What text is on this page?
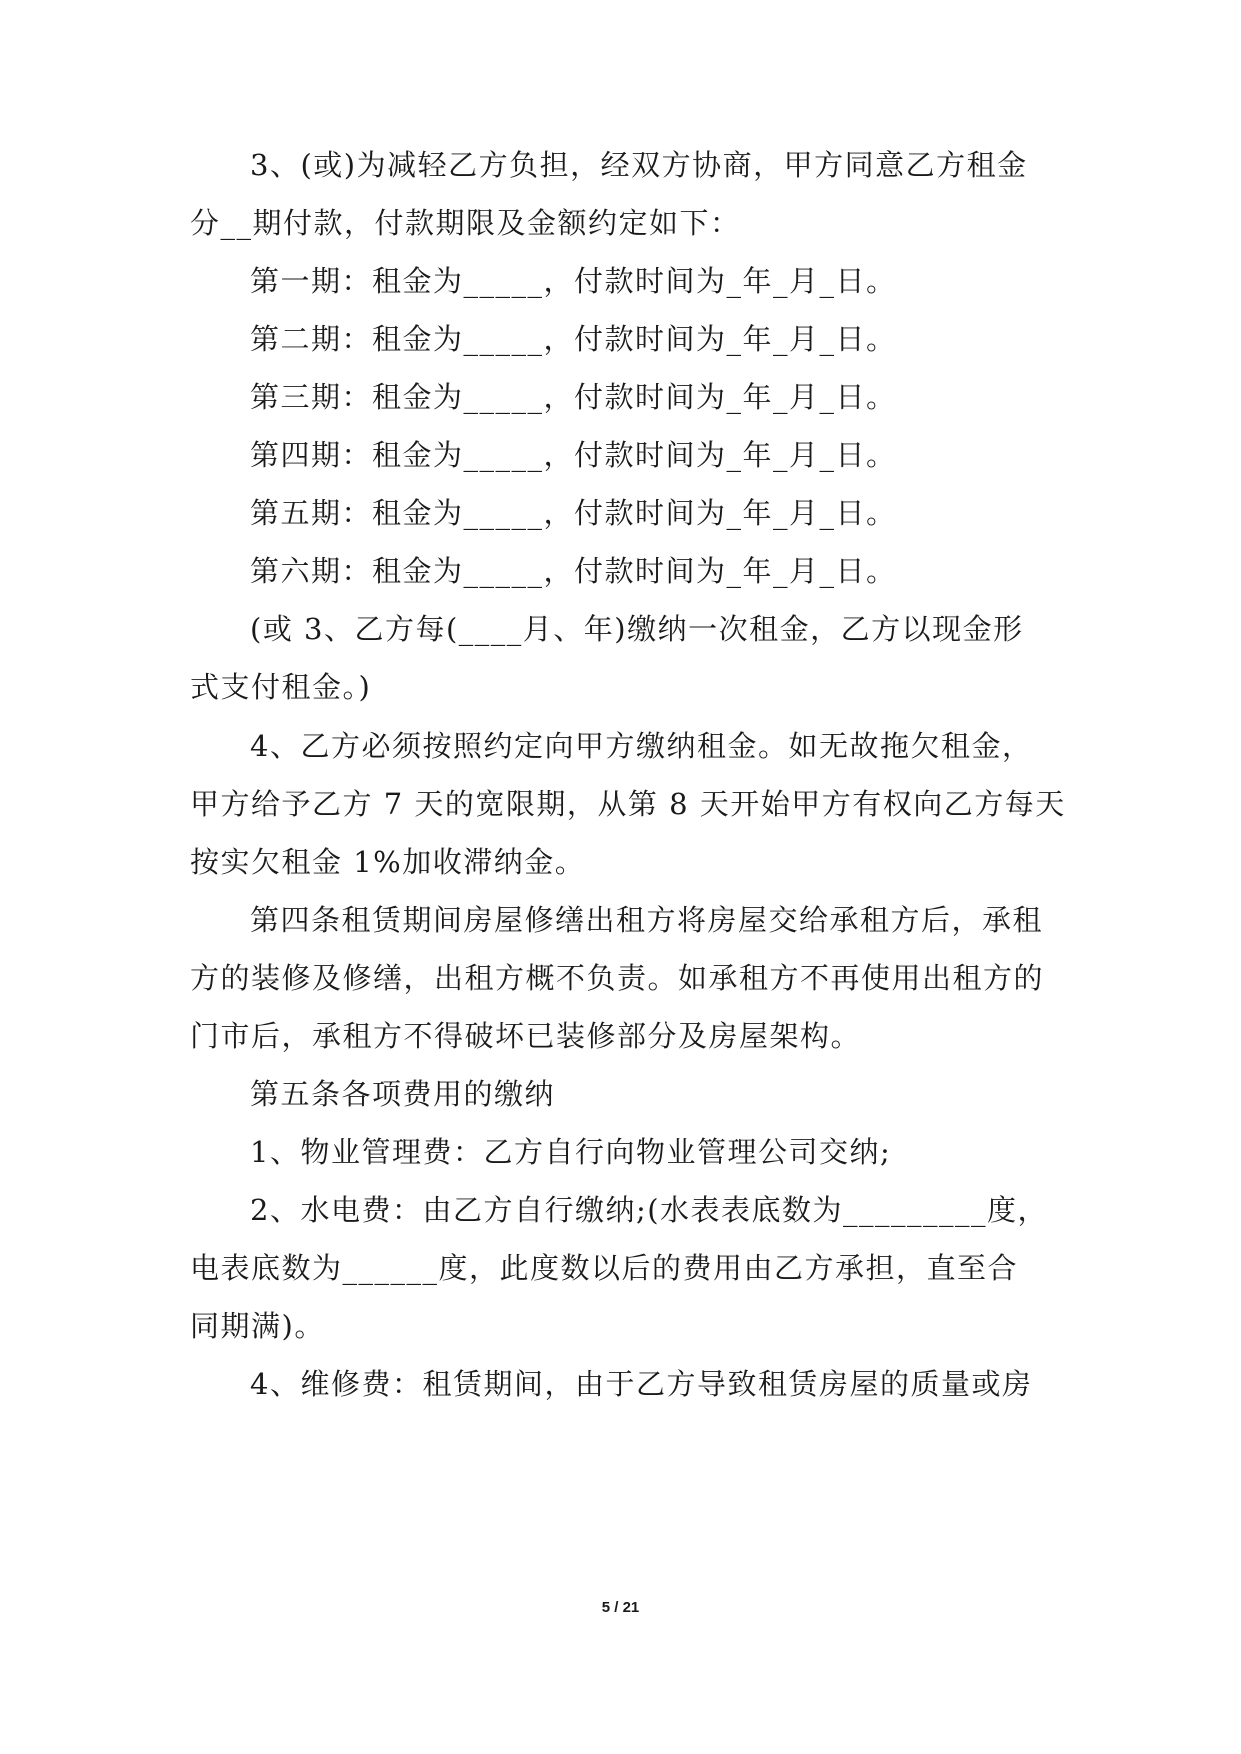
3、(或)为减轻乙方负担，经双方协商，甲方同意乙方租金
分__期付款，付款期限及金额约定如下：
第一期：租金为_____，付款时间为_年_月_日。
第二期：租金为_____，付款时间为_年_月_日。
第三期：租金为_____，付款时间为_年_月_日。
第四期：租金为_____，付款时间为_年_月_日。
第五期：租金为_____，付款时间为_年_月_日。
第六期：租金为_____，付款时间为_年_月_日。
(或 3、乙方每(____月、年)缴纳一次租金，乙方以现金形
式支付租金。)
4、乙方必须按照约定向甲方缴纳租金。如无故拖欠租金，
甲方给予乙方 7 天的宽限期，从第 8 天开始甲方有权向乙方每天
按实欠租金 1%加收滞纳金。
第四条租赁期间房屋修缮出租方将房屋交给承租方后，承租
方的装修及修缮，出租方概不负责。如承租方不再使用出租方的
门市后，承租方不得破坏已装修部分及房屋架构。
第五条各项费用的缴纳
1、物业管理费：乙方自行向物业管理公司交纳;
2、水电费：由乙方自行缴纳;(水表表底数为_________度，
电表底数为______度，此度数以后的费用由乙方承担，直至合
同期满)。
4、维修费：租赁期间，由于乙方导致租赁房屋的质量或房
5 / 21
